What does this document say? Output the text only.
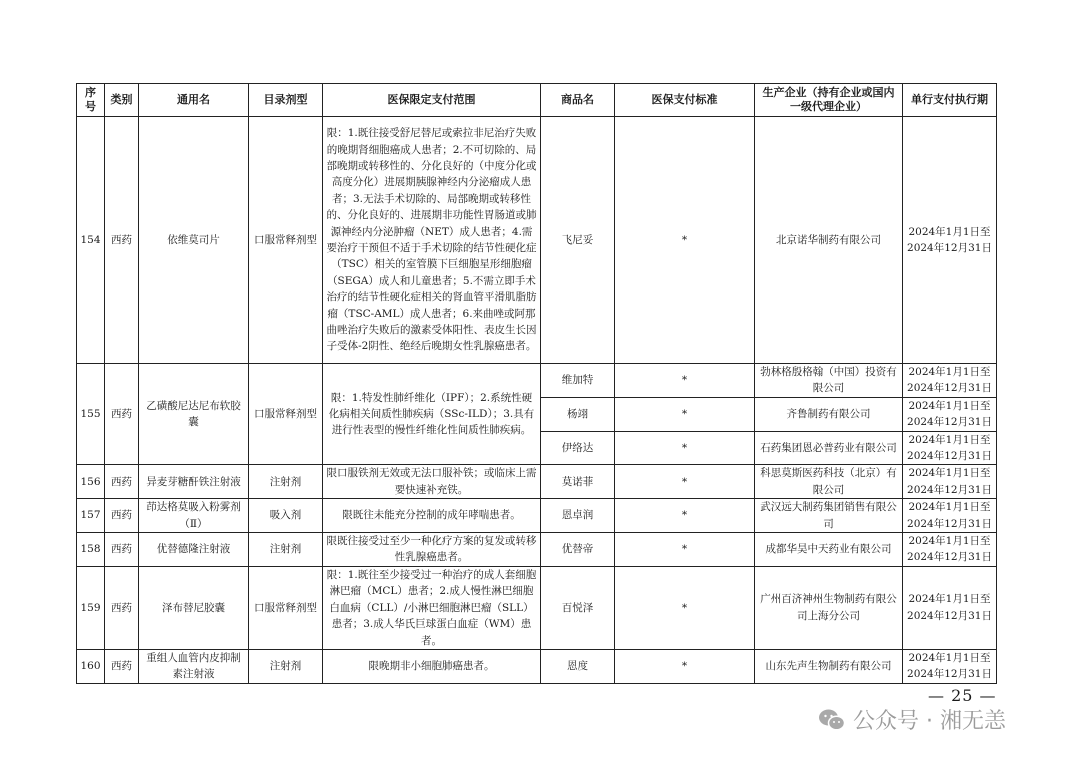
序号	类别	通用名	目录剂型	医保限定支付范围	商品名	医保支付标准	生产企业（持有企业或国内一级代理企业）	单行支付执行期
154	西药	依维莫司片	口服常释剂型	限：1.既往接受舒尼替尼或索拉非尼治疗失败的晚期肾细胞癌成人患者；2.不可切除的、局部晚期或转移性的、分化良好的（中度分化或高度分化）进展期胰腺神经内分泌瘤成人患者；3.无法手术切除的、局部晚期或转移性的、分化良好的、进展期非功能性胃肠道或肺源神经内分泌肿瘤（NET）成人患者；4.需要治疗干预但不适于手术切除的结节性硬化症（TSC）相关的室管膜下巨细胞星形细胞瘤（SEGA）成人和儿童患者；5.不需立即手术治疗的结节性硬化症相关的肾血管平滑肌脂肪瘤（TSC-AML）成人患者；6.来曲唑或阿那曲唑治疗失败后的激素受体阳性、表皮生长因子受体-2阴性、绝经后晚期女性乳腺癌患者。	飞尼妥	*	北京诺华制药有限公司	2024年1月1日至2024年12月31日
155	西药	乙磺酸尼达尼布软胶囊	口服常释剂型	限：1.特发性肺纤维化（IPF）；2.系统性硬化病相关间质性肺疾病（SSc-ILD）；3.具有进行性表型的慢性纤维化性间质性肺疾病。	维加特	*	勃林格殷格翰（中国）投资有限公司	2024年1月1日至2024年12月31日
					杨翊	*	齐鲁制药有限公司	2024年1月1日至2024年12月31日
					伊络达	*	石药集团恩必普药业有限公司	2024年1月1日至2024年12月31日
156	西药	异麦芽糖酐铁注射液	注射剂	限口服铁剂无效或无法口服补铁；或临床上需要快速补充铁。	莫诺菲	*	科思莫斯医药科技（北京）有限公司	2024年1月1日至2024年12月31日
157	西药	茚达格莫吸入粉雾剂（Ⅱ）	吸入剂	限既往未能充分控制的成年哮喘患者。	恩卓润	*	武汉远大制药集团销售有限公司	2024年1月1日至2024年12月31日
158	西药	优替德隆注射液	注射剂	限既往接受过至少一种化疗方案的复发或转移性乳腺癌患者。	优替帝	*	成都华昊中天药业有限公司	2024年1月1日至2024年12月31日
159	西药	泽布替尼胶囊	口服常释剂型	限：1.既往至少接受过一种治疗的成人套细胞淋巴瘤（MCL）患者；2.成人慢性淋巴细胞白血病（CLL）/小淋巴细胞淋巴瘤（SLL）患者；3.成人华氏巨球蛋白血症（WM）患者。	百悦泽	*	广州百济神州生物制药有限公司上海分公司	2024年1月1日至2024年12月31日
160	西药	重组人血管内皮抑制素注射液	注射剂	限晚期非小细胞肺癌患者。	恩度	*	山东先声生物制药有限公司	2024年1月1日至2024年12月31日
— 25 —
公众号 · 湘无恙
